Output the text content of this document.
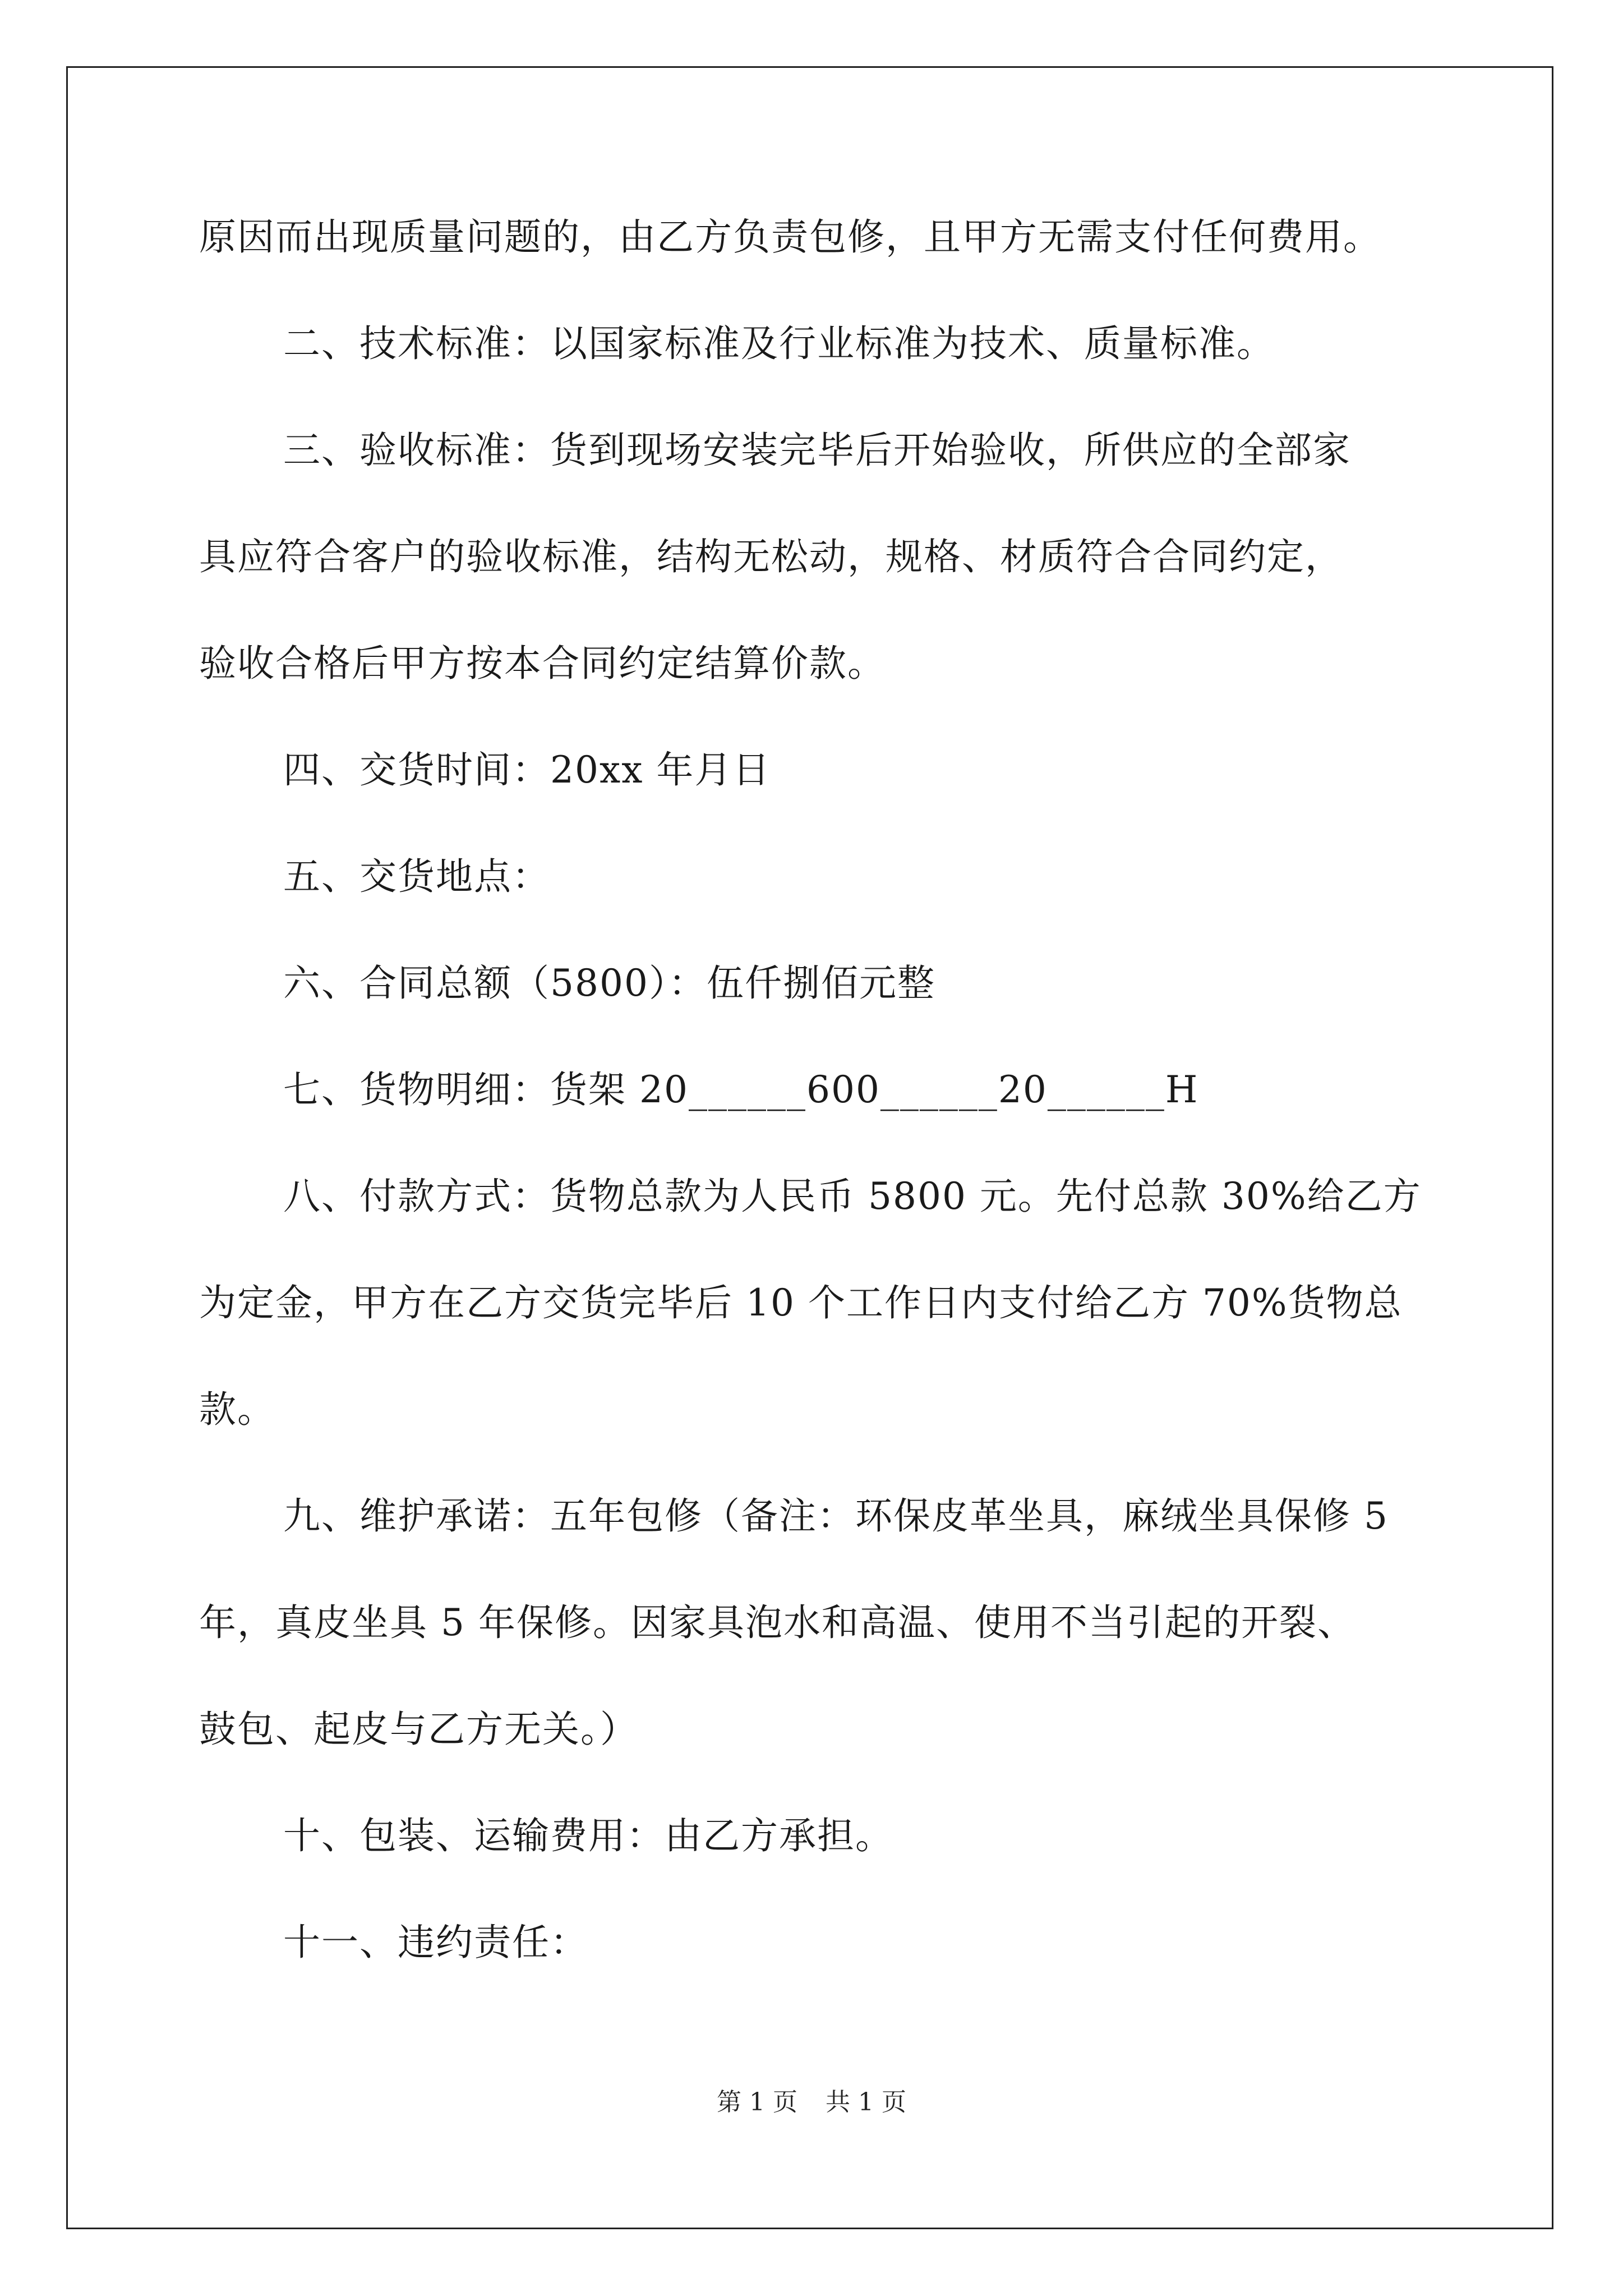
原因而出现质量问题的，由乙方负责包修，且甲方无需支付任何费用。
二、技术标准：以国家标准及行业标准为技术、质量标准。
三、验收标准：货到现场安装完毕后开始验收，所供应的全部家
具应符合客户的验收标准，结构无松动，规格、材质符合合同约定，
验收合格后甲方按本合同约定结算价款。
四、交货时间：20xx 年月日
五、交货地点：
六、合同总额（5800）：伍仟捌佰元整
七、货物明细：货架 20______600______20______H
八、付款方式：货物总款为人民币 5800 元。先付总款 30%给乙方
为定金，甲方在乙方交货完毕后 10 个工作日内支付给乙方 70%货物总
款。
九、维护承诺：五年包修（备注：环保皮革坐具，麻绒坐具保修 5
年，真皮坐具 5 年保修。因家具泡水和高温、使用不当引起的开裂、
鼓包、起皮与乙方无关。）
十、包装、运输费用：由乙方承担。
十一、违约责任：
第 1 页 共 1 页
